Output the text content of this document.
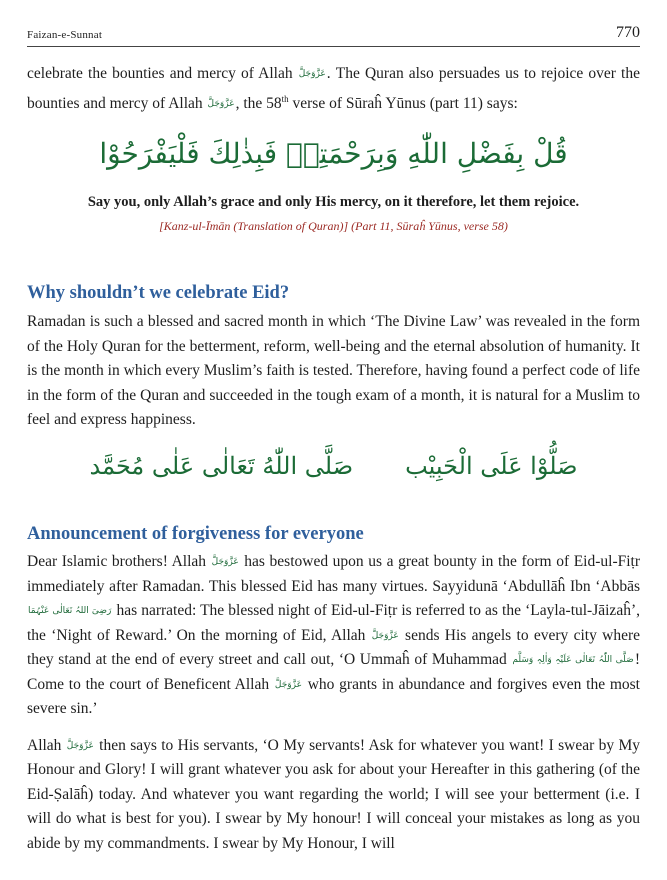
Faizan-e-Sunnat	770

celebrate the bounties and mercy of Allah عَزَّوَجَلَّ. The Quran also persuades us to rejoice over the bounties and mercy of Allah عَزَّوَجَلَّ, the 58th verse of Sūraĥ Yūnus (part 11) says:

قُلْ بِفَضْلِ اللّٰهِ وَبِرَحْمَتِهٖ فَبِذٰلِكَ فَلْيَفْرَحُوْا
Say you, only Allah’s grace and only His mercy, on it therefore, let them rejoice.
[Kanz-ul-Īmān (Translation of Quran)] (Part 11, Sūraĥ Yūnus, verse 58)
Why shouldn’t we celebrate Eid?

Ramadan is such a blessed and sacred month in which ‘The Divine Law’ was revealed in the form of the Holy Quran for the betterment, reform, well-being and the eternal absolution of humanity. It is the month in which every Muslim’s faith is tested. Therefore, having found a perfect code of life in the form of the Quran and succeeded in the tough exam of a month, it is natural for a Muslim to feel and express happiness.

صَلُّوْا عَلَى الْحَبِيْب
صَلَّى اللّٰهُ تَعَالٰى عَلٰى مُحَمَّد
Announcement of forgiveness for everyone

Dear Islamic brothers! Allah عَزَّوَجَلَّ has bestowed upon us a great bounty in the form of Eid-ul-Fiṭr immediately after Ramadan. This blessed Eid has many virtues. Sayyidunā ‘Abdullāĥ Ibn ‘Abbās رَضِیَ اللہُ تَعَالٰی عَنْہُمَا has narrated: The blessed night of Eid-ul-Fiṭr is referred to as the ‘Layla-tul-Jāizaĥ’, the ‘Night of Reward.’ On the morning of Eid, Allah عَزَّوَجَلَّ sends His angels to every city where they stand at the end of every street and call out, ‘O Ummaĥ of Muhammad صَلَّی اللّٰہُ تَعَالٰی عَلَیْہِ وَاٰلِہٖ وَسَلَّم! Come to the court of Beneficent Allah عَزَّوَجَلَّ who grants in abundance and forgives even the most severe sin.’

Allah عَزَّوَجَلَّ then says to His servants, ‘O My servants! Ask for whatever you want! I swear by My Honour and Glory! I will grant whatever you ask for about your Hereafter in this gathering (of the Eid-Ṣalāĥ) today. And whatever you want regarding the world; I will see your betterment (i.e. I will do what is best for you). I swear by My honour! I will conceal your mistakes as long as you abide by my commandments. I swear by My Honour, I will
